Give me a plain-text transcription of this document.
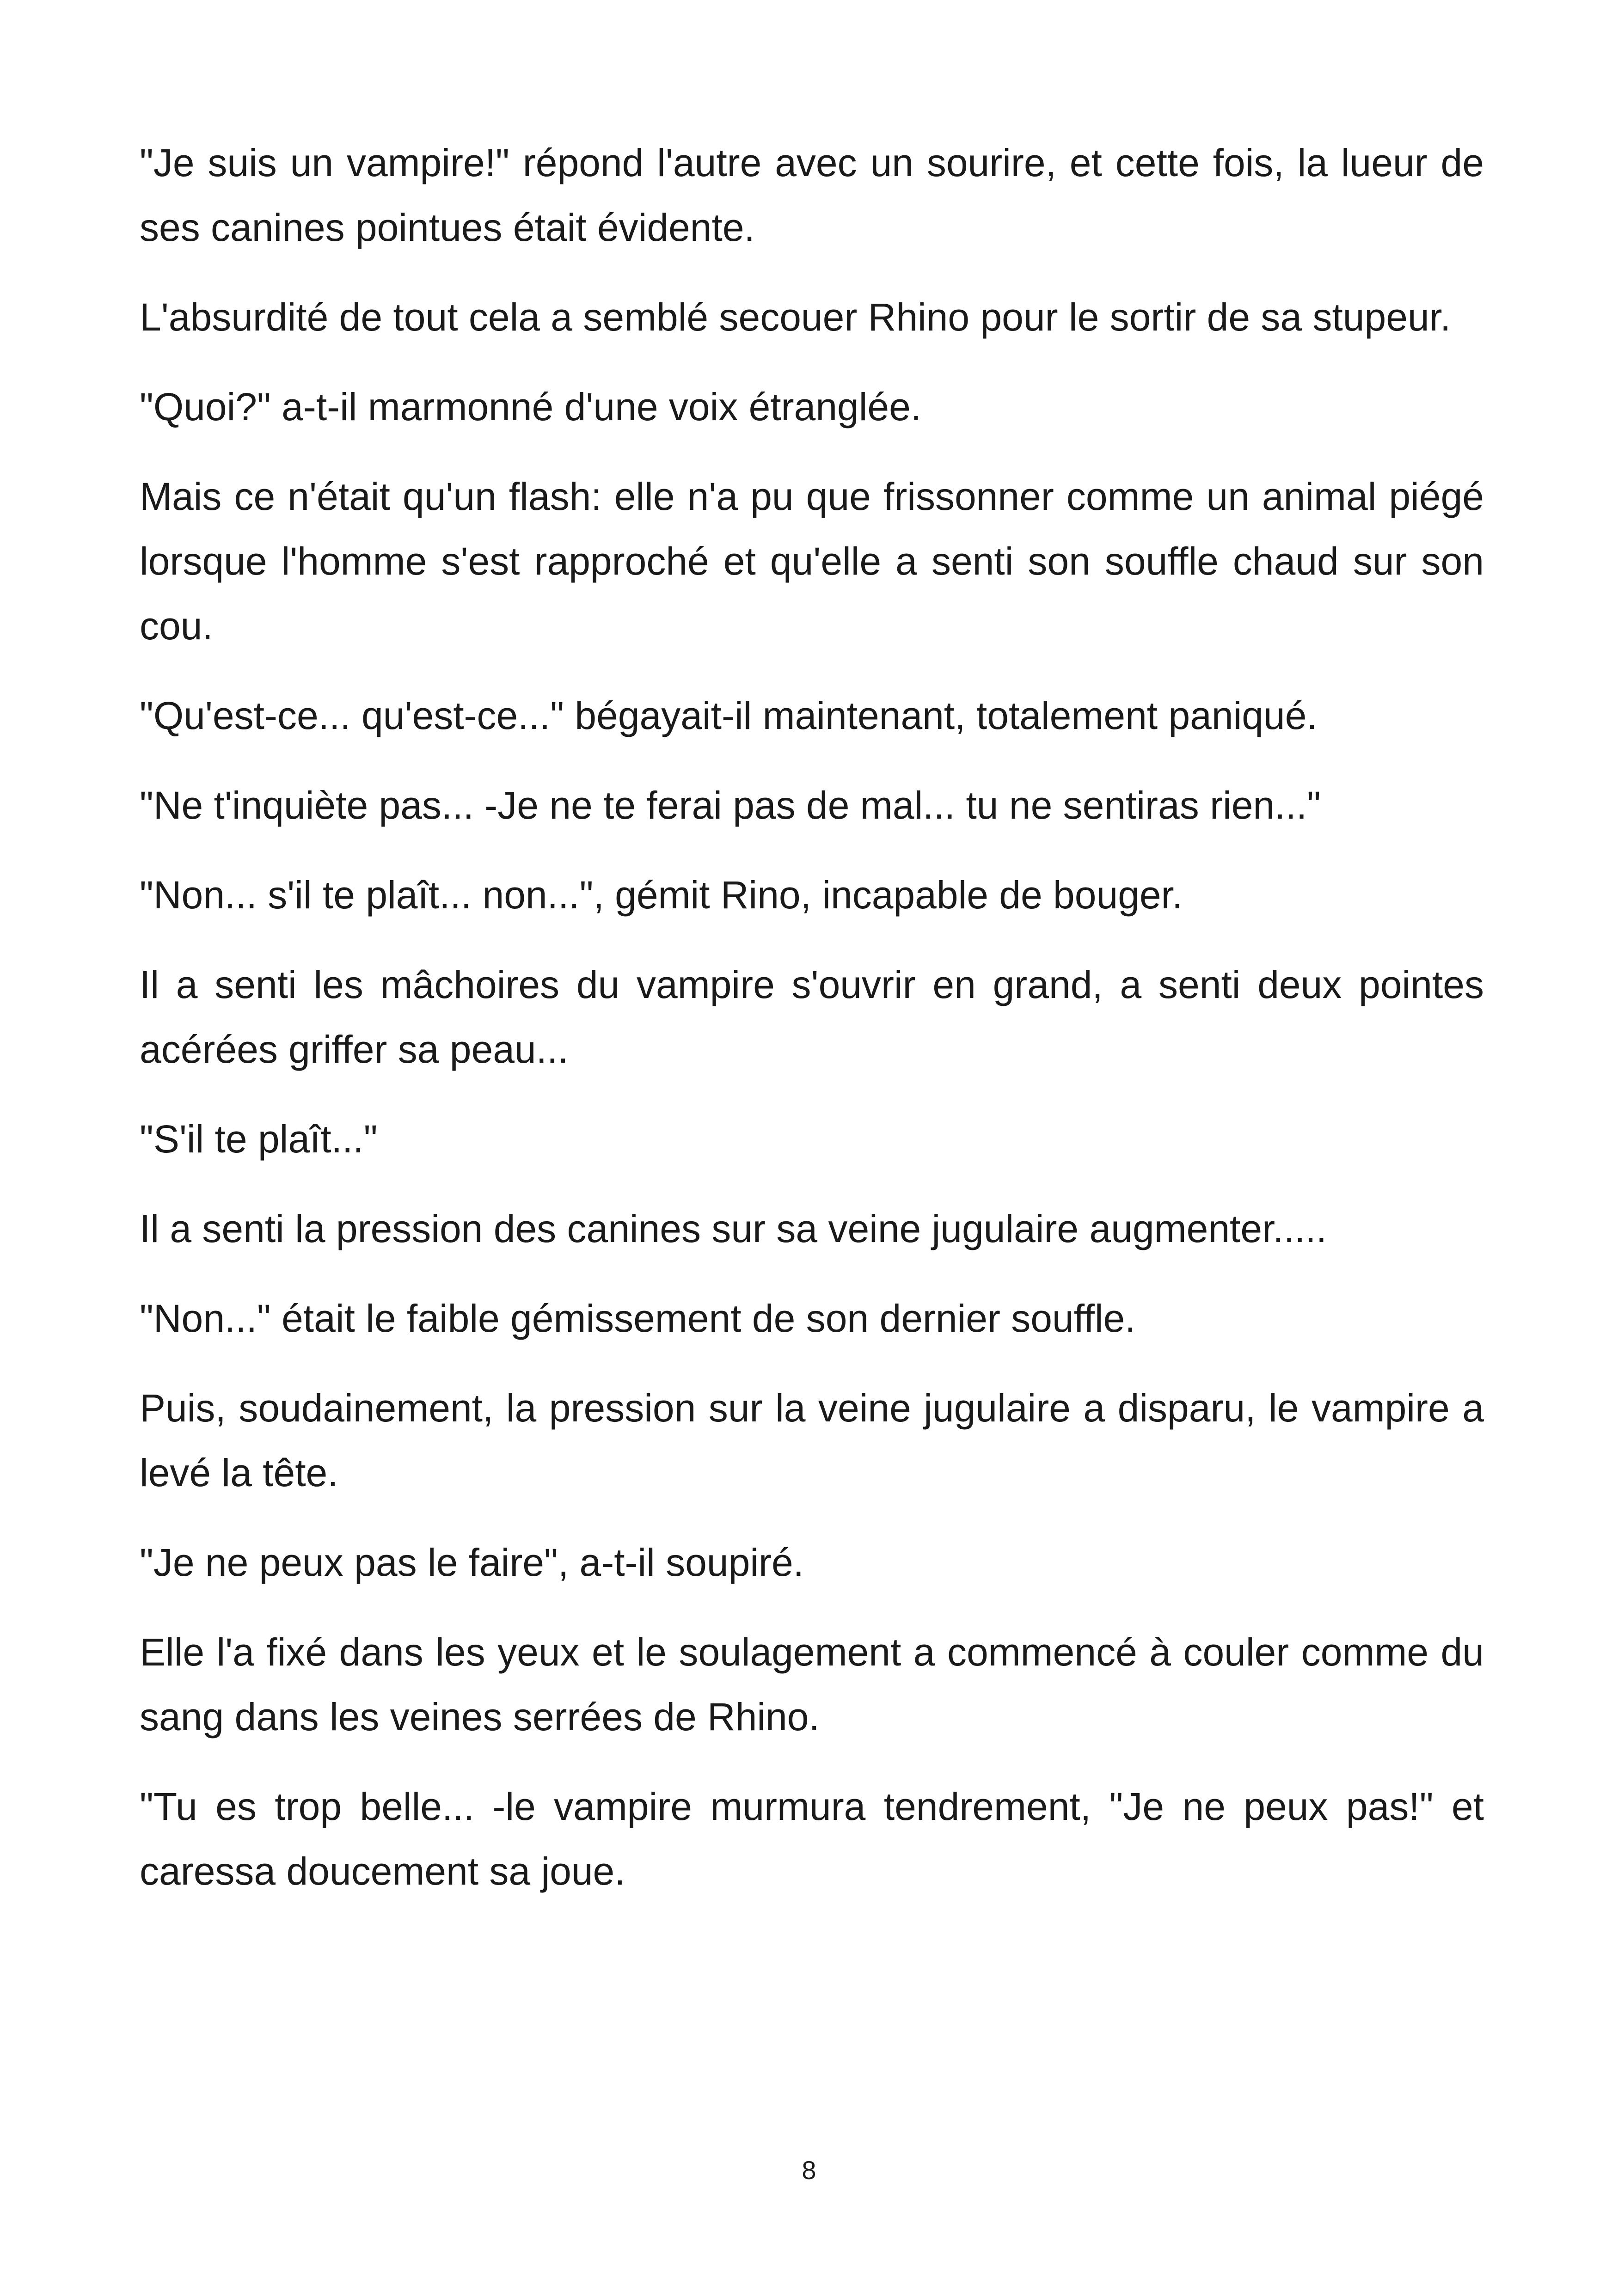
"Je suis un vampire!" répond l'autre avec un sourire, et cette fois, la lueur de ses canines pointues était évidente.

L'absurdité de tout cela a semblé secouer Rhino pour le sortir de sa stupeur.

"Quoi?" a-t-il marmonné d'une voix étranglée.

Mais ce n'était qu'un flash: elle n'a pu que frissonner comme un animal piégé lorsque l'homme s'est rapproché et qu'elle a senti son souffle chaud sur son cou.

"Qu'est-ce... qu'est-ce..." bégayait-il maintenant, totalement paniqué.

"Ne t'inquiète pas... -Je ne te ferai pas de mal... tu ne sentiras rien..."

"Non... s'il te plaît... non...", gémit Rino, incapable de bouger.

Il a senti les mâchoires du vampire s'ouvrir en grand, a senti deux pointes acérées griffer sa peau...

"S'il te plaît..."

Il a senti la pression des canines sur sa veine jugulaire augmenter.....

"Non..." était le faible gémissement de son dernier souffle.

Puis, soudainement, la pression sur la veine jugulaire a disparu, le vampire a levé la tête.

"Je ne peux pas le faire", a-t-il soupiré.

Elle l'a fixé dans les yeux et le soulagement a commencé à couler comme du sang dans les veines serrées de Rhino.

"Tu es trop belle... -le vampire murmura tendrement, "Je ne peux pas!" et caressa doucement sa joue.

8
